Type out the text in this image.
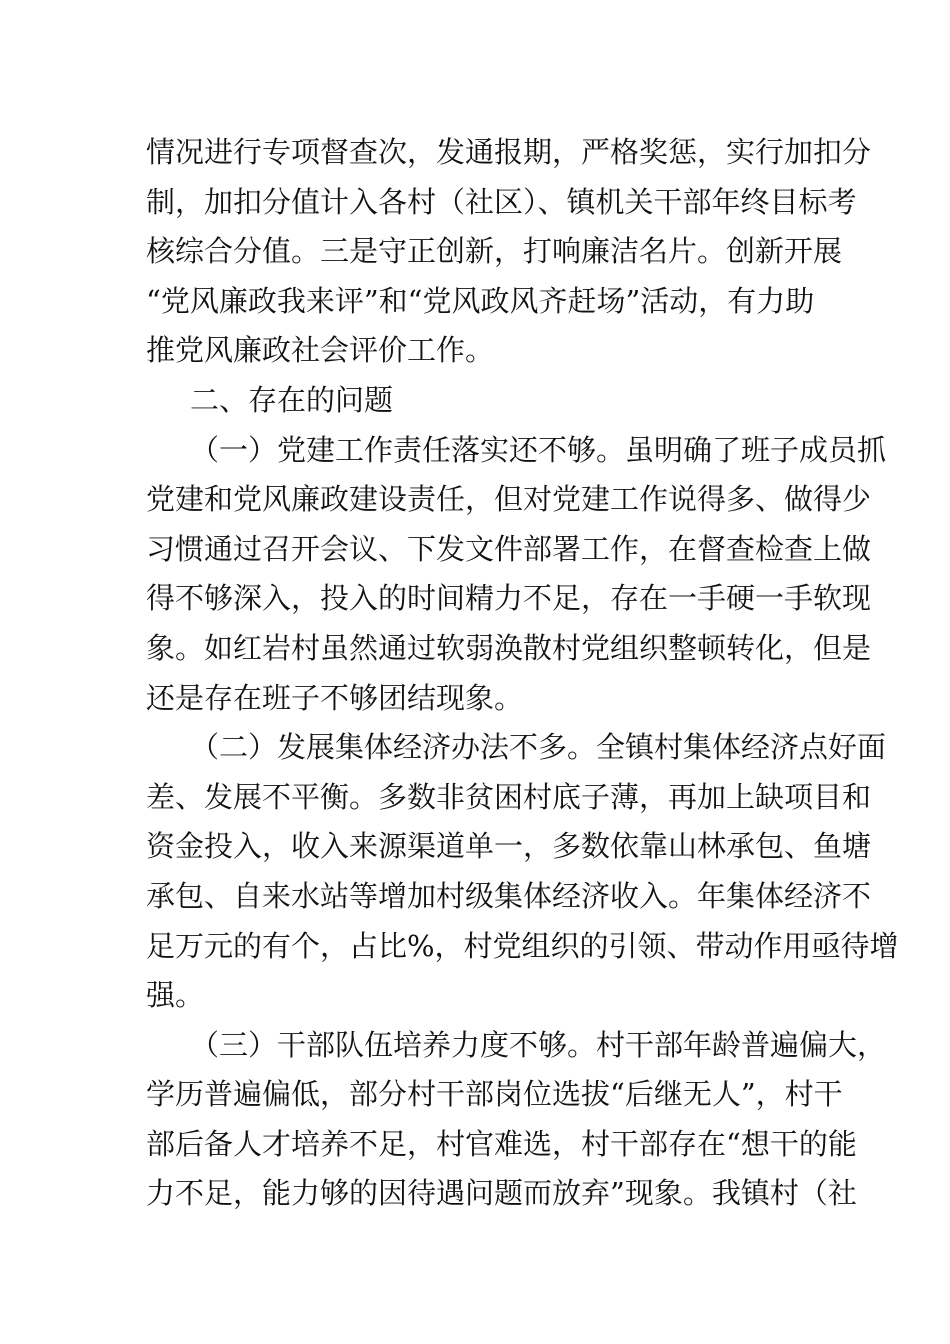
情况进行专项督查次，发通报期，严格奖惩，实行加扣分
制，加扣分值计入各村（社区）、镇机关干部年终目标考
核综合分值。三是守正创新，打响廉洁名片。创新开展
“党风廉政我来评”和“党风政风齐赶场”活动，有力助
推党风廉政社会评价工作。
二、存在的问题
（一）党建工作责任落实还不够。虽明确了班子成员抓
党建和党风廉政建设责任，但对党建工作说得多、做得少
习惯通过召开会议、下发文件部署工作，在督查检查上做
得不够深入，投入的时间精力不足，存在一手硬一手软现
象。如红岩村虽然通过软弱涣散村党组织整顿转化，但是
还是存在班子不够团结现象。
（二）发展集体经济办法不多。全镇村集体经济点好面
差、发展不平衡。多数非贫困村底子薄，再加上缺项目和
资金投入，收入来源渠道单一，多数依靠山林承包、鱼塘
承包、自来水站等增加村级集体经济收入。年集体经济不
足万元的有个，占比%，村党组织的引领、带动作用亟待增
强。
（三）干部队伍培养力度不够。村干部年龄普遍偏大，
学历普遍偏低，部分村干部岗位选拔“后继无人”，村干
部后备人才培养不足，村官难选，村干部存在“想干的能
力不足，能力够的因待遇问题而放弃”现象。我镇村（社
